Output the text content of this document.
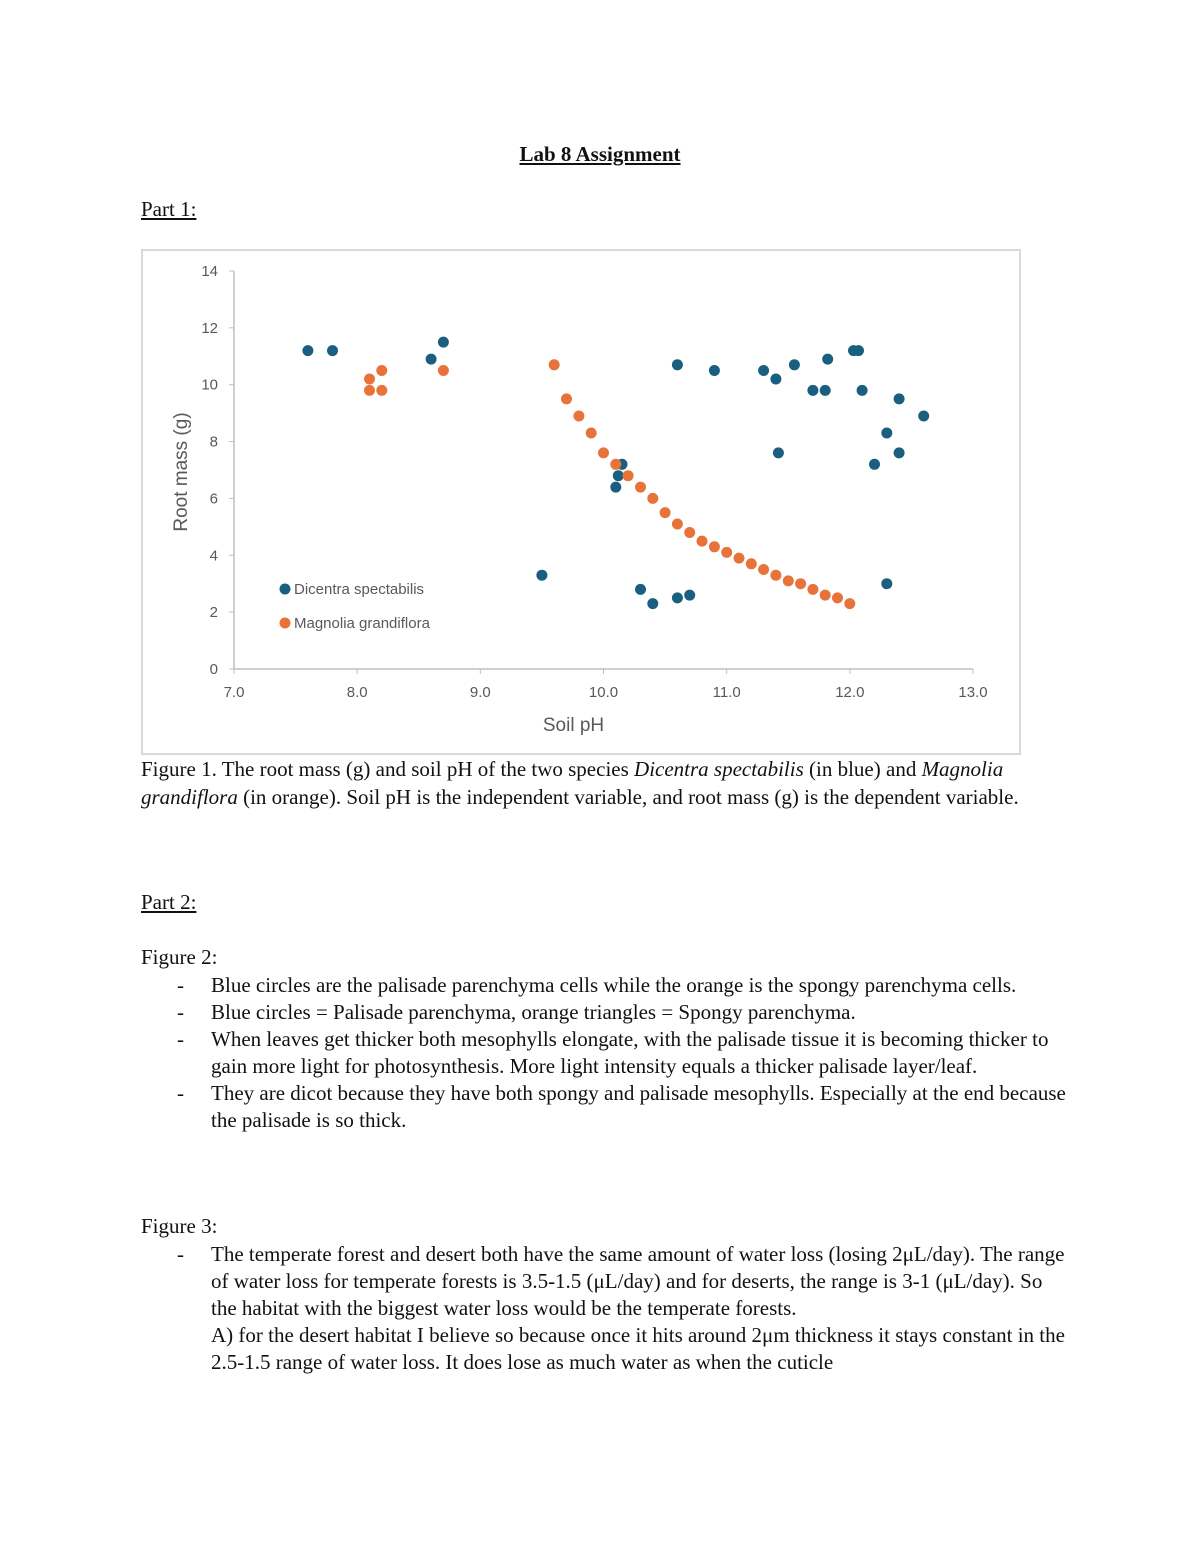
Lab 8 Assignment
Part 1:
0
2
4
6
8
10
12
14
7.0	8.0	9.0	10.0	11.0	12.0	13.0
Soil pH
Root mass (g)
Dicentra spectabilis
Magnolia grandiflora
Figure 1. The root mass (g) and soil pH of the two species Dicentra spectabilis (in blue) and Magnolia grandiflora (in orange). Soil pH is the independent variable, and root mass (g) is the dependent variable.
Part 2:
Figure 2:
- Blue circles are the palisade parenchyma cells while the orange is the spongy parenchyma cells.
- Blue circles = Palisade parenchyma, orange triangles = Spongy parenchyma.
- When leaves get thicker both mesophylls elongate, with the palisade tissue it is becoming thicker to gain more light for photosynthesis. More light intensity equals a thicker palisade layer/leaf.
- They are dicot because they have both spongy and palisade mesophylls. Especially at the end because the palisade is so thick.
Figure 3:
- The temperate forest and desert both have the same amount of water loss (losing 2μL/day). The range of water loss for temperate forests is 3.5-1.5 (μL/day) and for deserts, the range is 3-1 (μL/day). So the habitat with the biggest water loss would be the temperate forests.
A) for the desert habitat I believe so because once it hits around 2μm thickness it stays constant in the 2.5-1.5 range of water loss. It does lose as much water as when the cuticle
